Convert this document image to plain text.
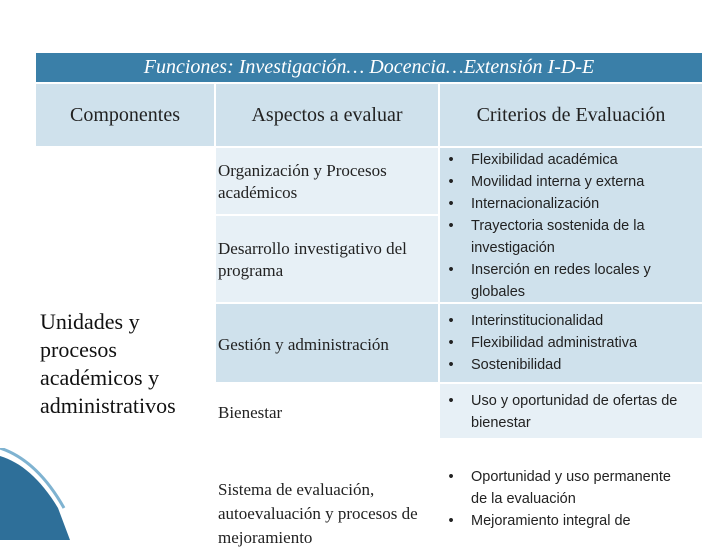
Funciones: Investigación… Docencia…Extensión I-D-E
Componentes	Aspectos a evaluar	Criterios de Evaluación
Unidades y
procesos
académicos y
administrativos
Organización y Procesos académicos
Desarrollo investigativo del programa
Gestión y administración
Bienestar
Sistema de evaluación, autoevaluación y procesos de mejoramiento
• Flexibilidad académica
• Movilidad interna y externa
• Internacionalización
• Trayectoria sostenida de la
investigación
• Inserción en redes locales y
globales
• Interinstitucionalidad
• Flexibilidad administrativa
• Sostenibilidad
• Uso y oportunidad de ofertas de
bienestar
• Oportunidad y uso permanente
de la evaluación
• Mejoramiento integral de
